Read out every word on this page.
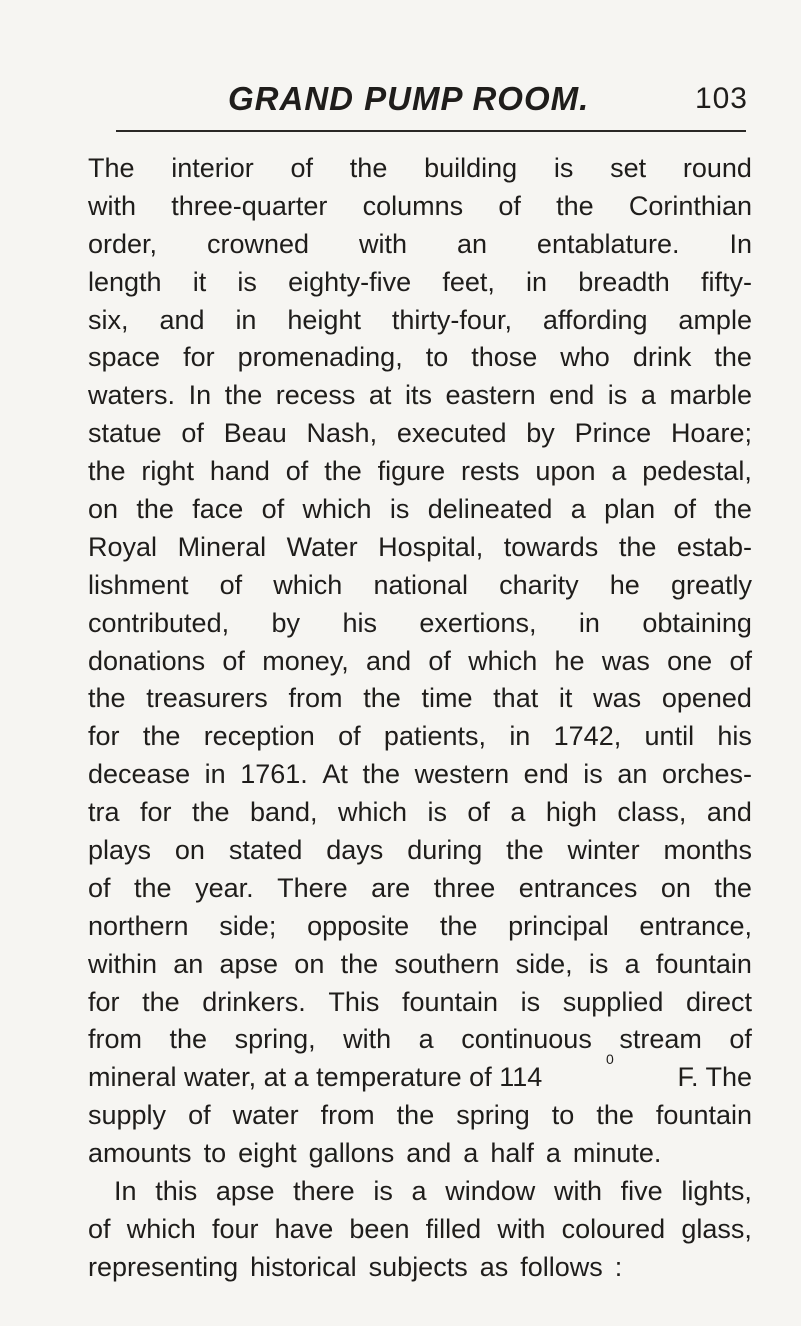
GRAND PUMP ROOM.	103
The interior of the building is set round
with three-quarter columns of the Corinthian
order, crowned with an entablature. In
length it is eighty-five feet, in breadth fifty-
six, and in height thirty-four, affording ample
space for promenading, to those who drink the
waters. In the recess at its eastern end is a marble
statue of Beau Nash, executed by Prince Hoare;
the right hand of the figure rests upon a pedestal,
on the face of which is delineated a plan of the
Royal Mineral Water Hospital, towards the estab-
lishment of which national charity he greatly
contributed, by his exertions, in obtaining
donations of money, and of which he was one of
the treasurers from the time that it was opened
for the reception of patients, in 1742, until his
decease in 1761. At the western end is an orches-
tra for the band, which is of a high class, and
plays on stated days during the winter months
of the year. There are three entrances on the
northern side; opposite the principal entrance,
within an apse on the southern side, is a fountain
for the drinkers. This fountain is supplied direct
from the spring, with a continuous stream of
mineral water, at a temperature of 114
0
F. The
supply of water from the spring to the fountain
amounts to eight gallons and a half a minute.
In this apse there is a window with five lights,
of which four have been filled with coloured glass,
representing historical subjects as follows :
